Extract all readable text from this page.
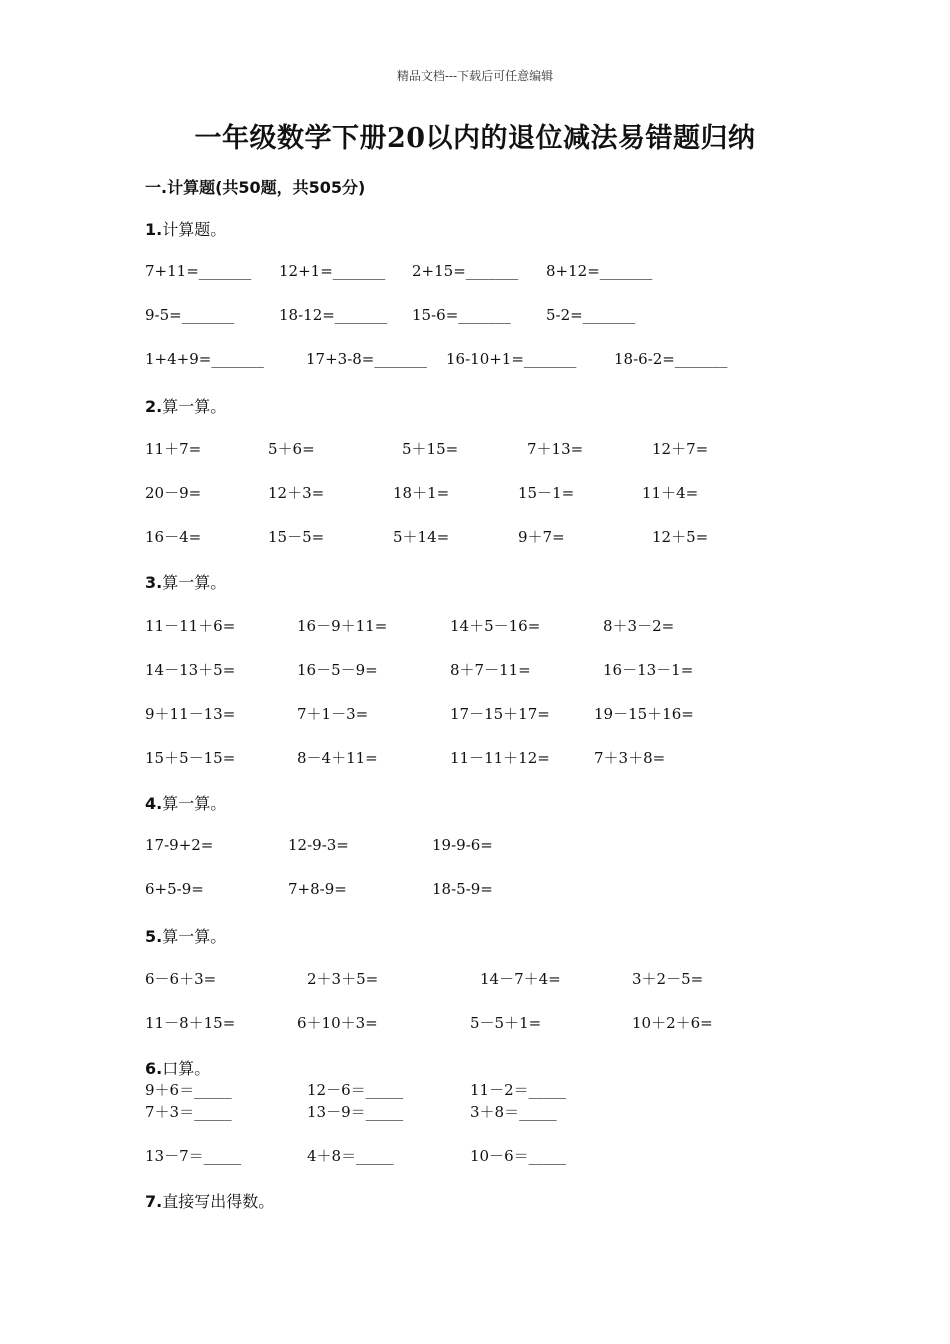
精品文档---下载后可任意编辑
一年级数学下册20以内的退位减法易错题归纳
一.计算题(共50题，共505分)
1.计算题。
7+11=_______ 12+1=_______ 2+15=_______ 8+12=_______
9-5=_______	18-12=_______ 15-6=_______ 5-2=_______
1+4+9=_______	17+3-8=_______ 16-10+1=_______	18-6-2=_______
2.算一算。
11＋7=	5＋6=	5＋15=	7＋13=	12＋7=
20－9=	12＋3=	18＋1=	15－1=	11＋4=
16－4=	15－5=	5＋14=	9＋7=	12＋5=
3.算一算。
11－11＋6=	16－9＋11=	14＋5－16=	8＋3－2=
14－13＋5=	16－5－9=	8＋7－11=	16－13－1=
9＋11－13=	7＋1－3=	17－15＋17=	19－15＋16=
15＋5－15=	8－4＋11=	11－11＋12=	7＋3＋8=
4.算一算。
17-9+2=	12-9-3=	19-9-6=
6+5-9=	7+8-9=	18-5-9=
5.算一算。
6－6＋3=	2＋3＋5=	14－7＋4=	3＋2－5=
11－8＋15=	6＋10＋3=	5－5＋1=	10＋2＋6=
6.口算。
9＋6＝_____	12－6＝_____	11－2＝_____
7＋3＝_____	13－9＝_____	3＋8＝_____
13－7＝_____	4＋8＝_____	10－6＝_____
7.直接写出得数。
